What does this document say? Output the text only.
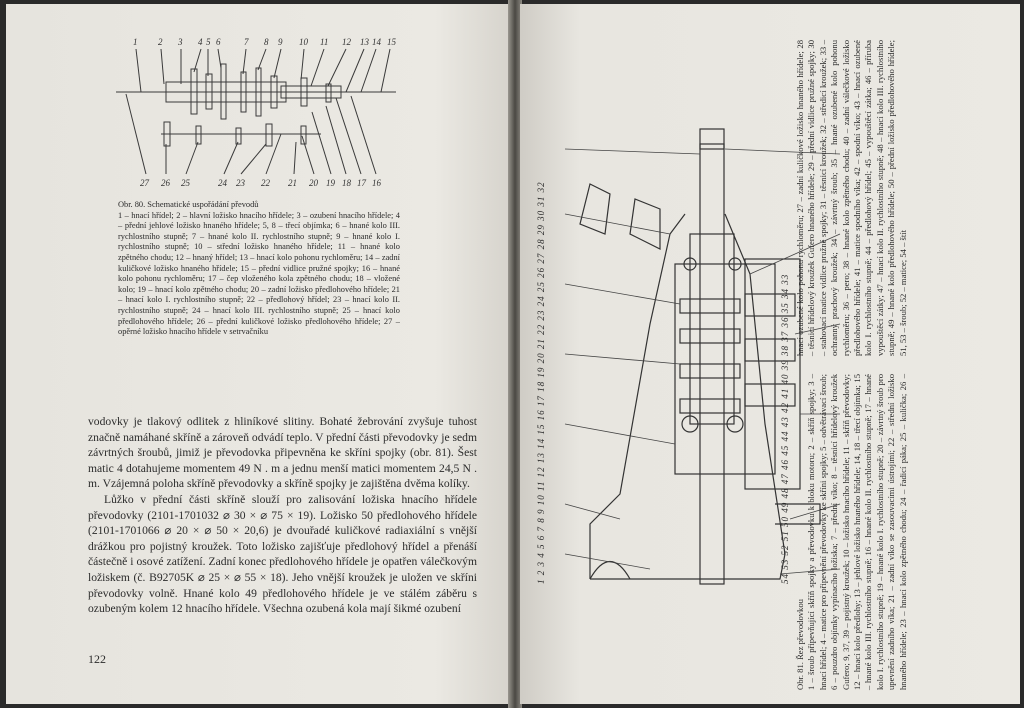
1 2 3 4 5 6	7 8 9 10 11 12 13 14 15
27 26 25	24 23 22 21 20 19 18 17 16
Obr. 80. Schematické uspořádání převodů
1 – hnací hřídel; 2 – hlavní ložisko hnacího hřídele; 3 – ozubení hnacího hřídele; 4 – přední jehlové ložisko hnaného hřídele; 5, 8 – třecí objímka; 6 – hnané kolo III. rychlostního stupně; 7 – hnané kolo II. rychlostního stupně; 9 – hnané kolo I. rychlostního stupně; 10 – střední ložisko hnaného hřídele; 11 – hnané kolo zpětného chodu; 12 – hnaný hřídel; 13 – hnací kolo pohonu rychloměru; 14 – zadní kuličkové ložisko hnaného hřídele; 15 – přední vidlice pružné spojky; 16 – hnané kolo pohonu rychloměru; 17 – čep vloženého kola zpětného chodu; 18 – vložené kolo; 19 – hnací kolo zpětného chodu; 20 – zadní ložisko předlohového hřídele; 21 – hnací kolo I. rychlostního stupně; 22 – předlohový hřídel; 23 – hnací kolo II. rychlostního stupně; 24 – hnací kolo III. rychlostního stupně; 25 – hnací kolo předlohového hřídele; 26 – přední kuličkové ložisko předlohového hřídele; 27 – opěrné ložisko hnacího hřídele v setrvačníku

vodovky je tlakový odlitek z hliníkové slitiny. Bohaté žebrování zvyšuje tuhost značně namáhané skříně a zároveň odvádí teplo. V přední části převodovky je sedm závrtných šroubů, jimiž je převodovka připevněna ke skříni spojky (obr. 81). Šest matic 4 dotahujeme momentem 49 N . m a jednu menší matici momentem 24,5 N . m. Vzájemná poloha skříně převodovky a skříně spojky je zajištěna dvěma kolíky.

Lůžko v přední části skříně slouží pro zalisování ložiska hnacího hřídele převodovky (2101-1701032 ⌀ 30 × ⌀ 75 × 19). Ložisko 50 předlohového hřídele (2101-1701066 ⌀ 20 × ⌀ 50 × 20,6) je dvouřadé kuličkové radiaxiální s vnější drážkou pro pojistný kroužek. Toto ložisko zajišťuje předlohový hřídel a přenáší částečně i osové zatížení. Zadní konec předlohového hřídele je opatřen válečkovým ložiskem (č. B92705K ⌀ 25 × ⌀ 55 × 18). Jeho vnější kroužek je uložen ve skříni převodovky volně. Hnané kolo 49 předlohového hřídele je ve stálém záběru s ozubeným kolem 12 hnacího hřídele. Všechna ozubená kola mají šikmé ozubení

122
1 2 3 4 5 6 7 8 9 10 11 12 13 14 15 16 17 18 19 20 21 22 23 24 25 26 27 28 29 30 31 32
54 53 52 51 50 49 48 47 46 45 44 43 42 41 40 39 38 37 36 35 34 33
Obr. 81. Řez převodovkou 1 – šroub připevňující skříň spojky a převodovku k bloku motoru; 2 – skříň spojky; 3 – hnací hřídel; 4 – matice pro připevnění převodovky ke skříni spojky; 5 – odvětrávací šroub; 6 – pouzdro objímky vypínacího ložiska; 7 – přední víko; 8 – těsnicí hřídelový kroužek Gufero; 9, 37, 39 – pojistný kroužek; 10 – ložisko hnacího hřídele; 11 – skříň převodovky; 12 – hnací kolo předlohy; 13 – jehlové ložisko hnaného hřídele; 14, 18 – třecí objímka; 15 – hnané kolo III. rychlostního stupně; 16 – hnané kolo II. rychlostního stupně; 17 – hnané kolo I. rychlostního stupně; 19 – hnané kolo I. rychlostního stupně; 20 – závrtný šroub pro upevnění zadního víka; 21 – zadní víko se zasouvacími ústrojími; 22 – střední ložisko hnaného hřídele; 23 – hnací kolo zpětného chodu; 24 – řadicí páka; 25 – kulička; 26 – hnací ozubené kolo pohonu rychloměru; 27 – zadní kuličkové ložisko hnaného hřídele; 28 – těsnicí hřídelový kroužek Gufero hnaného hřídele; 29 – přední vidlice pružné spojky; 30 – stahovací matice vidlice pružné spojky; 31 – těsnicí kroužek; 32 – středicí kroužek; 33 – ochranný prachový kroužek; 34 – závrtný šroub; 35 – hnané ozubené kolo pohonu rychloměru; 36 – pero; 38 – hnané kolo zpětného chodu; 40 – zadní válečkové ložisko předlohového hřídele; 41 – matice spodního víka; 42 – spodní víko; 43 – hnací ozubené kolo I. rychlostního stupně; 44 – předlohový hřídel; 45 – vypouštěcí zátka; 46 – příruba vypouštěcí zátky; 47 – hnací kolo II. rychlostního stupně; 48 – hnací kolo III. rychlostního stupně; 49 – hnané kolo předlohového hřídele; 50 – přední ložisko předlohového hřídele; 51, 53 – šroub; 52 – matice; 54 – štít
